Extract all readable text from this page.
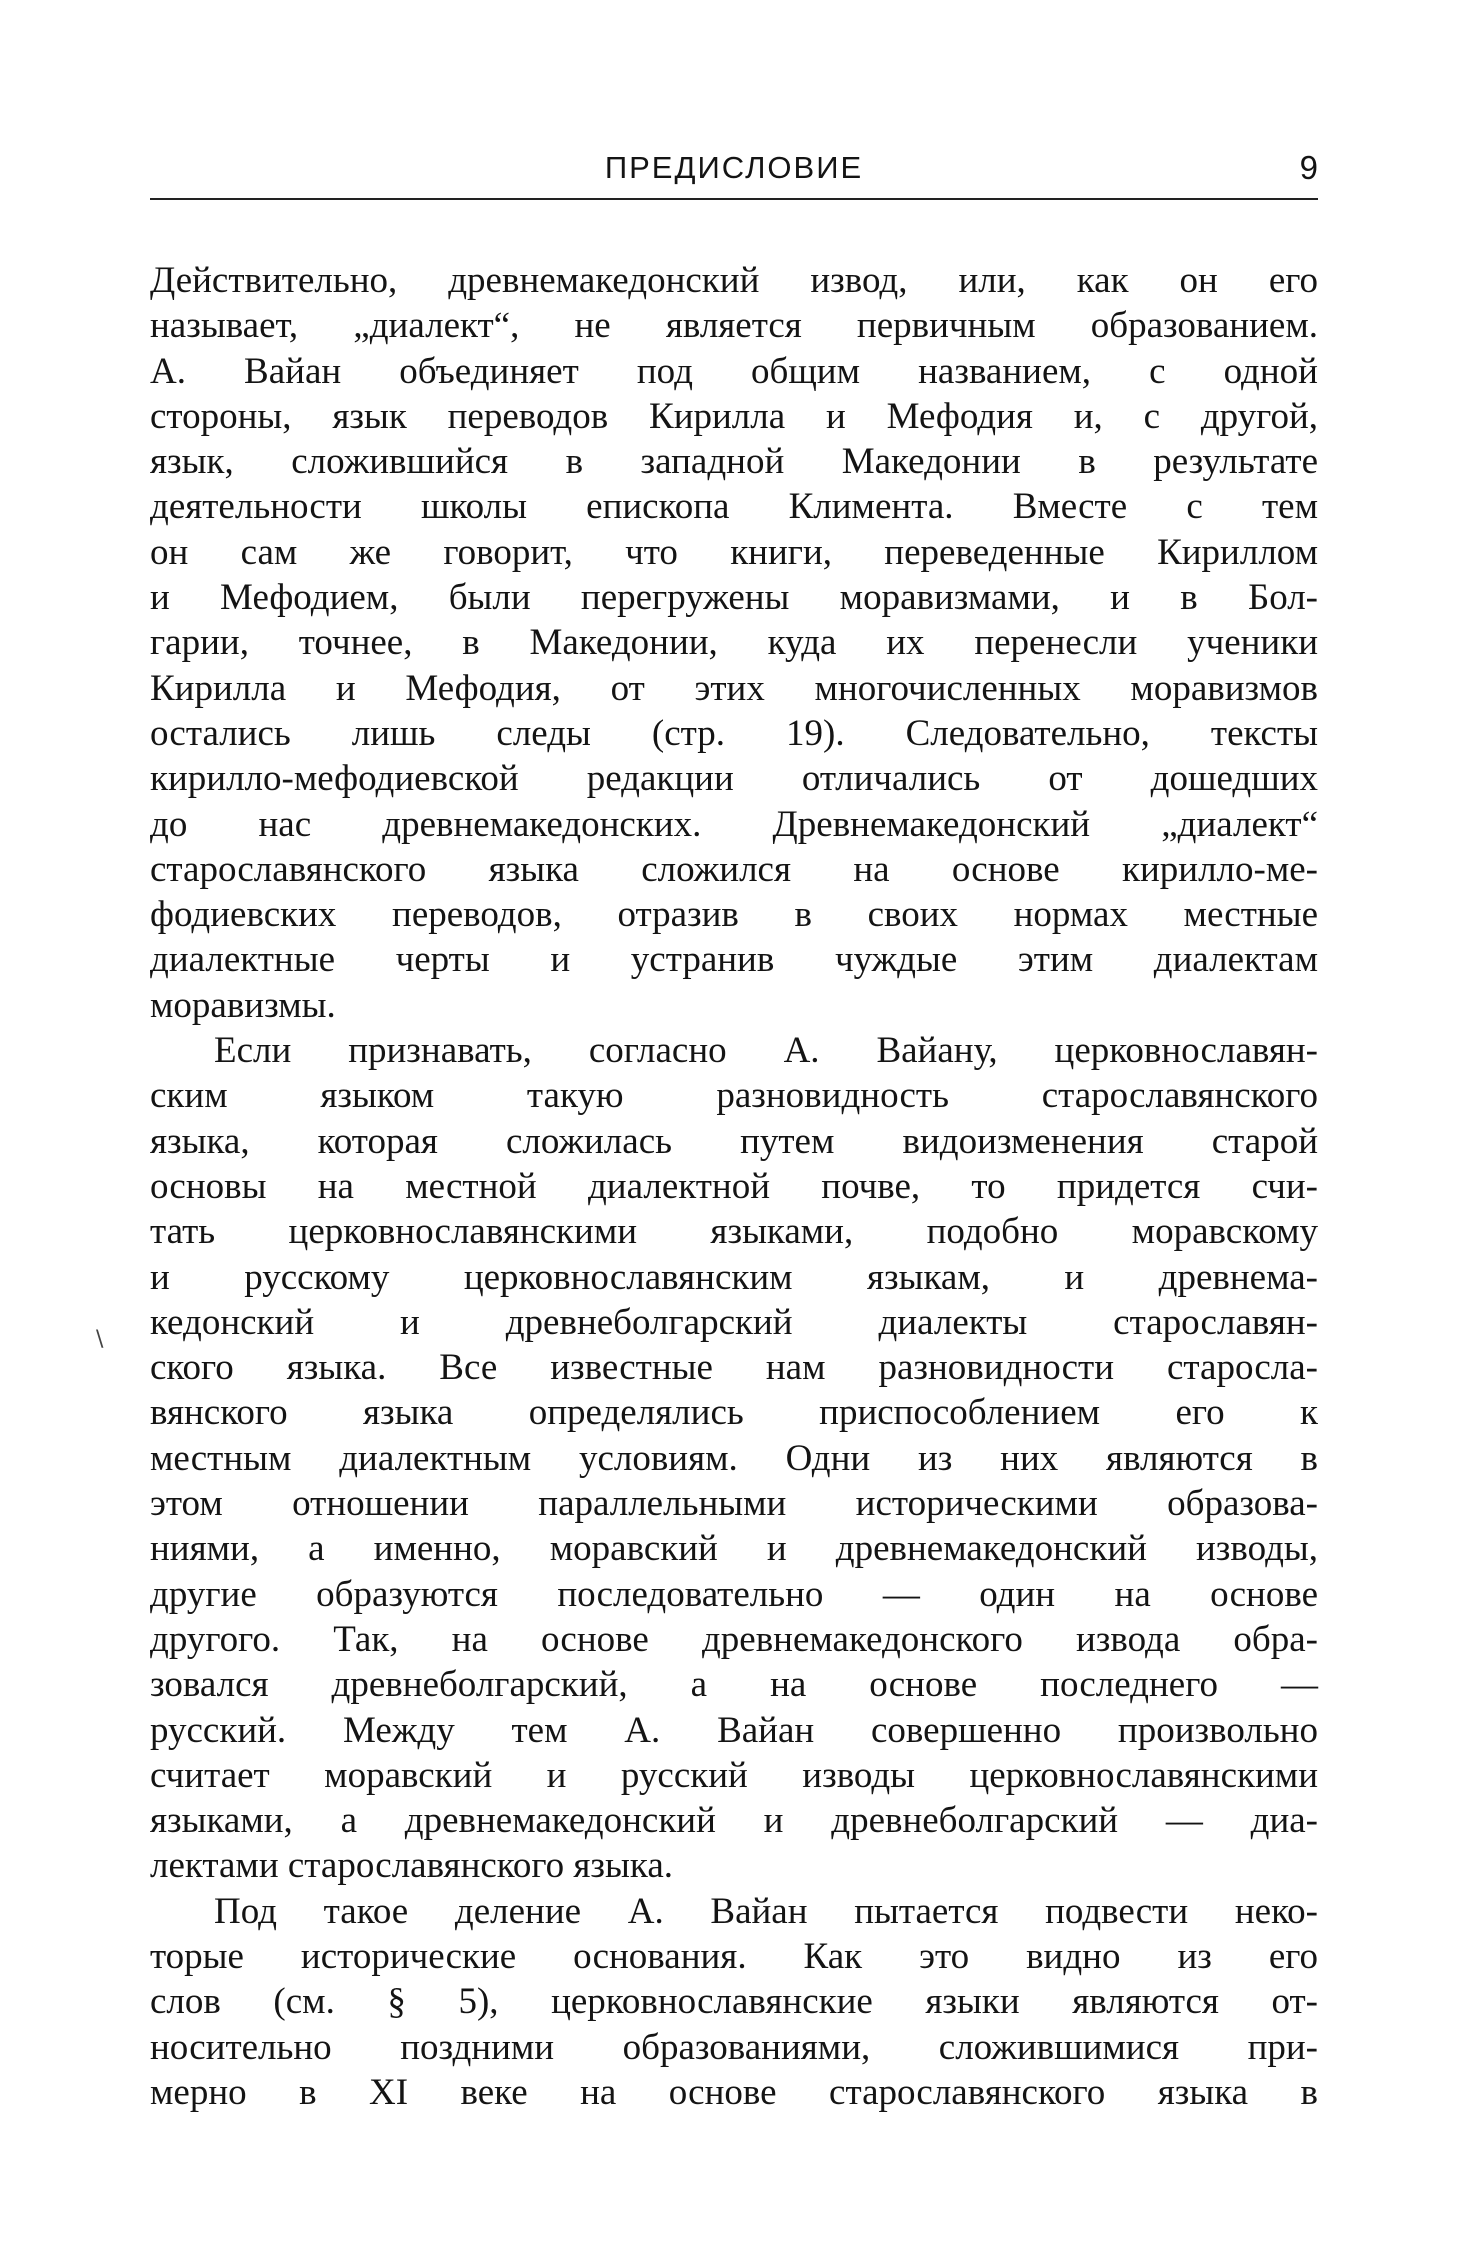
ПРЕДИСЛОВИЕ	9
\
Действительно, древнемакедонский извод, или, как он его
называет, „диалект“, не является первичным образованием.
А. Вайан объединяет под общим названием, с одной
стороны, язык переводов Кирилла и Мефодия и, с другой,
язык, сложившийся в западной Македонии в результате
деятельности школы епископа Климента. Вместе с тем
он сам же говорит, что книги, переведенные Кириллом
и Мефодием, были перегружены моравизмами, и в Бол-
гарии, точнее, в Македонии, куда их перенесли ученики
Кирилла и Мефодия, от этих многочисленных моравизмов
остались лишь следы (стр. 19). Следовательно, тексты
кирилло-мефодиевской редакции отличались от дошедших
до нас древнемакедонских. Древнемакедонский „диалект“
старославянского языка сложился на основе кирилло-ме-
фодиевских переводов, отразив в своих нормах местные
диалектные черты и устранив чуждые этим диалектам
моравизмы.
Если признавать, согласно А. Вайану, церковнославян-
ским языком такую разновидность старославянского
языка, которая сложилась путем видоизменения старой
основы на местной диалектной почве, то придется счи-
тать церковнославянскими языками, подобно моравскому
и русскому церковнославянским языкам, и древнема-
кедонский и древнеболгарский диалекты старославян-
ского языка. Все известные нам разновидности старосла-
вянского языка определялись приспособлением его к
местным диалектным условиям. Одни из них являются в
этом отношении параллельными историческими образова-
ниями, а именно, моравский и древнемакедонский изводы,
другие образуются последовательно — один на основе
другого. Так, на основе древнемакедонского извода обра-
зовался древнеболгарский, а на основе последнего —
русский. Между тем А. Вайан совершенно произвольно
считает моравский и русский изводы церковнославянскими
языками, а древнемакедонский и древнеболгарский — диа-
лектами старославянского языка.
Под такое деление А. Вайан пытается подвести неко-
торые исторические основания. Как это видно из его
слов (см. § 5), церковнославянские языки являются от-
носительно поздними образованиями, сложившимися при-
мерно в XI веке на основе старославянского языка в
